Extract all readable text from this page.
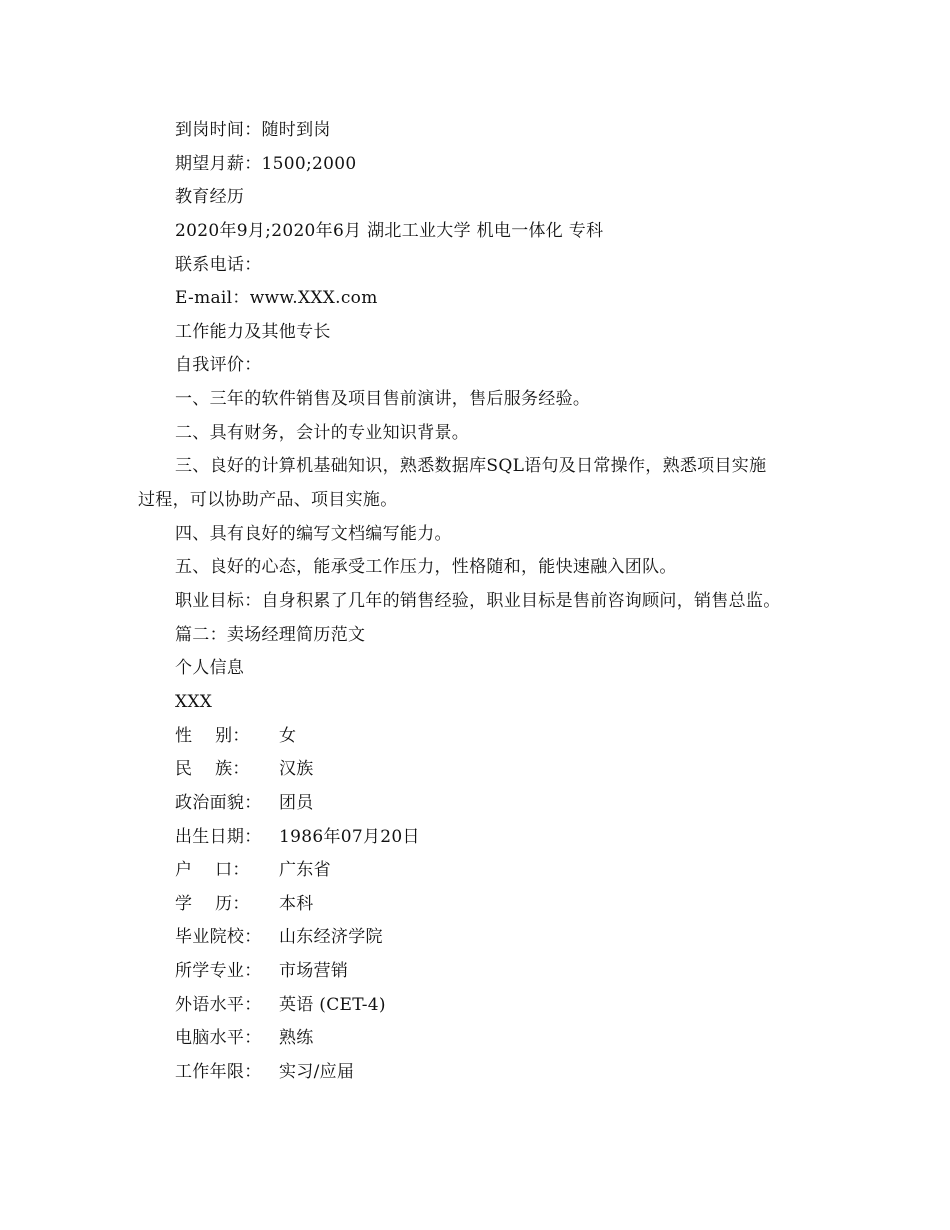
到岗时间：随时到岗
期望月薪：1500;2000
教育经历
2020年9月;2020年6月 湖北工业大学 机电一体化 专科
联系电话：
E-mail：www.XXX.com
工作能力及其他专长
自我评价：
一、三年的软件销售及项目售前演讲，售后服务经验。
二、具有财务，会计的专业知识背景。
三、良好的计算机基础知识，熟悉数据库SQL语句及日常操作，熟悉项目实施
过程，可以协助产品、项目实施。
四、具有良好的编写文档编写能力。
五、良好的心态，能承受工作压力，性格随和，能快速融入团队。
职业目标：自身积累了几年的销售经验，职业目标是售前咨询顾问，销售总监。
篇二：卖场经理简历范文
个人信息
XXX
性    别：	女
民    族：	汉族
政治面貌：	团员
出生日期：	1986年07月20日
户    口：	广东省
学    历：	本科
毕业院校：	山东经济学院
所学专业：	市场营销
外语水平：	英语 (CET-4)
电脑水平：	熟练
工作年限：	实习/应届
